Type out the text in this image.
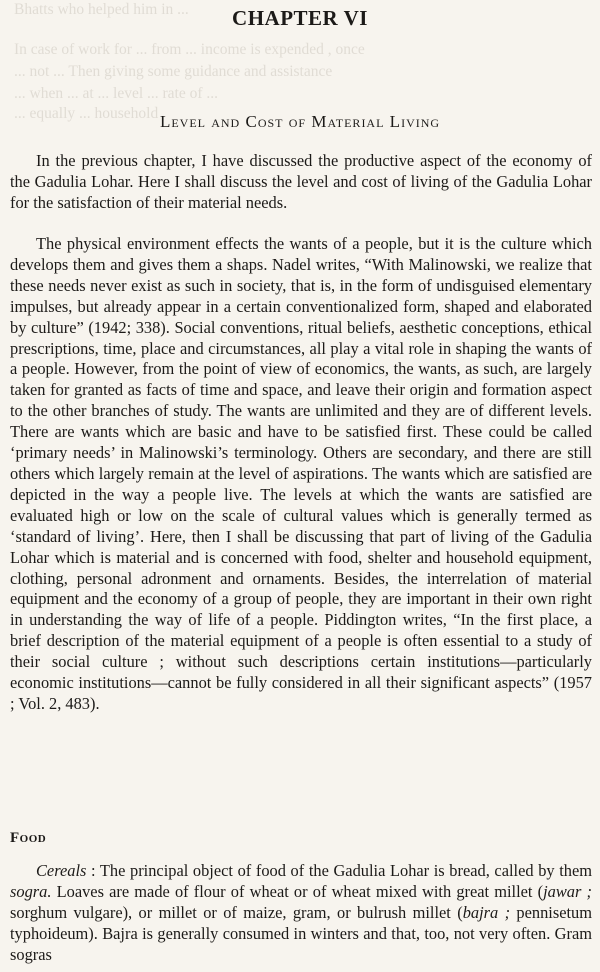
Bhatts who helped him in ...
In case of work for ... from ... income is expended , once
... not ... Then giving some guidance and assistance
... when ... at ... level ... rate of ...
... equally ... household
CHAPTER VI
Level and Cost of Material Living

In the previous chapter, I have discussed the productive aspect of the economy of the Gadulia Lohar. Here I shall discuss the level and cost of living of the Gadulia Lohar for the satisfaction of their material needs.

The physical environment effects the wants of a people, but it is the culture which develops them and gives them a shaps. Nadel writes, “With Malinowski, we realize that these needs never exist as such in society, that is, in the form of undisguised elementary impulses, but already appear in a certain conventionalized form, shaped and elaborated by culture” (1942; 338). Social conventions, ritual beliefs, aesthetic conceptions, ethical prescriptions, time, place and circumstances, all play a vital role in shaping the wants of a people. However, from the point of view of economics, the wants, as such, are largely taken for granted as facts of time and space, and leave their origin and formation aspect to the other branches of study. The wants are unlimited and they are of different levels. There are wants which are basic and have to be satisfied first. These could be called ‘primary needs’ in Malinowski’s terminology. Others are secondary, and there are still others which largely remain at the level of aspirations. The wants which are satisfied are depicted in the way a people live. The levels at which the wants are satisfied are evaluated high or low on the scale of cultural values which is generally termed as ‘standard of living’. Here, then I shall be discussing that part of living of the Gadulia Lohar which is material and is concerned with food, shelter and household equipment, clothing, personal adronment and ornaments. Besides, the interrelation of material equipment and the economy of a group of people, they are important in their own right in understanding the way of life of a people. Piddington writes, “In the first place, a brief description of the material equipment of a people is often essential to a study of their social culture ; without such descriptions certain institutions—particularly economic institutions—cannot be fully considered in all their significant aspects” (1957 ; Vol. 2, 483).

Food

Cereals : The principal object of food of the Gadulia Lohar is bread, called by them sogra. Loaves are made of flour of wheat or of wheat mixed with great millet (jawar ; sorghum vulgare), or millet or of maize, gram, or bulrush millet (bajra ; pennisetum typhoideum). Bajra is generally consumed in winters and that, too, not very often. Gram sogras
